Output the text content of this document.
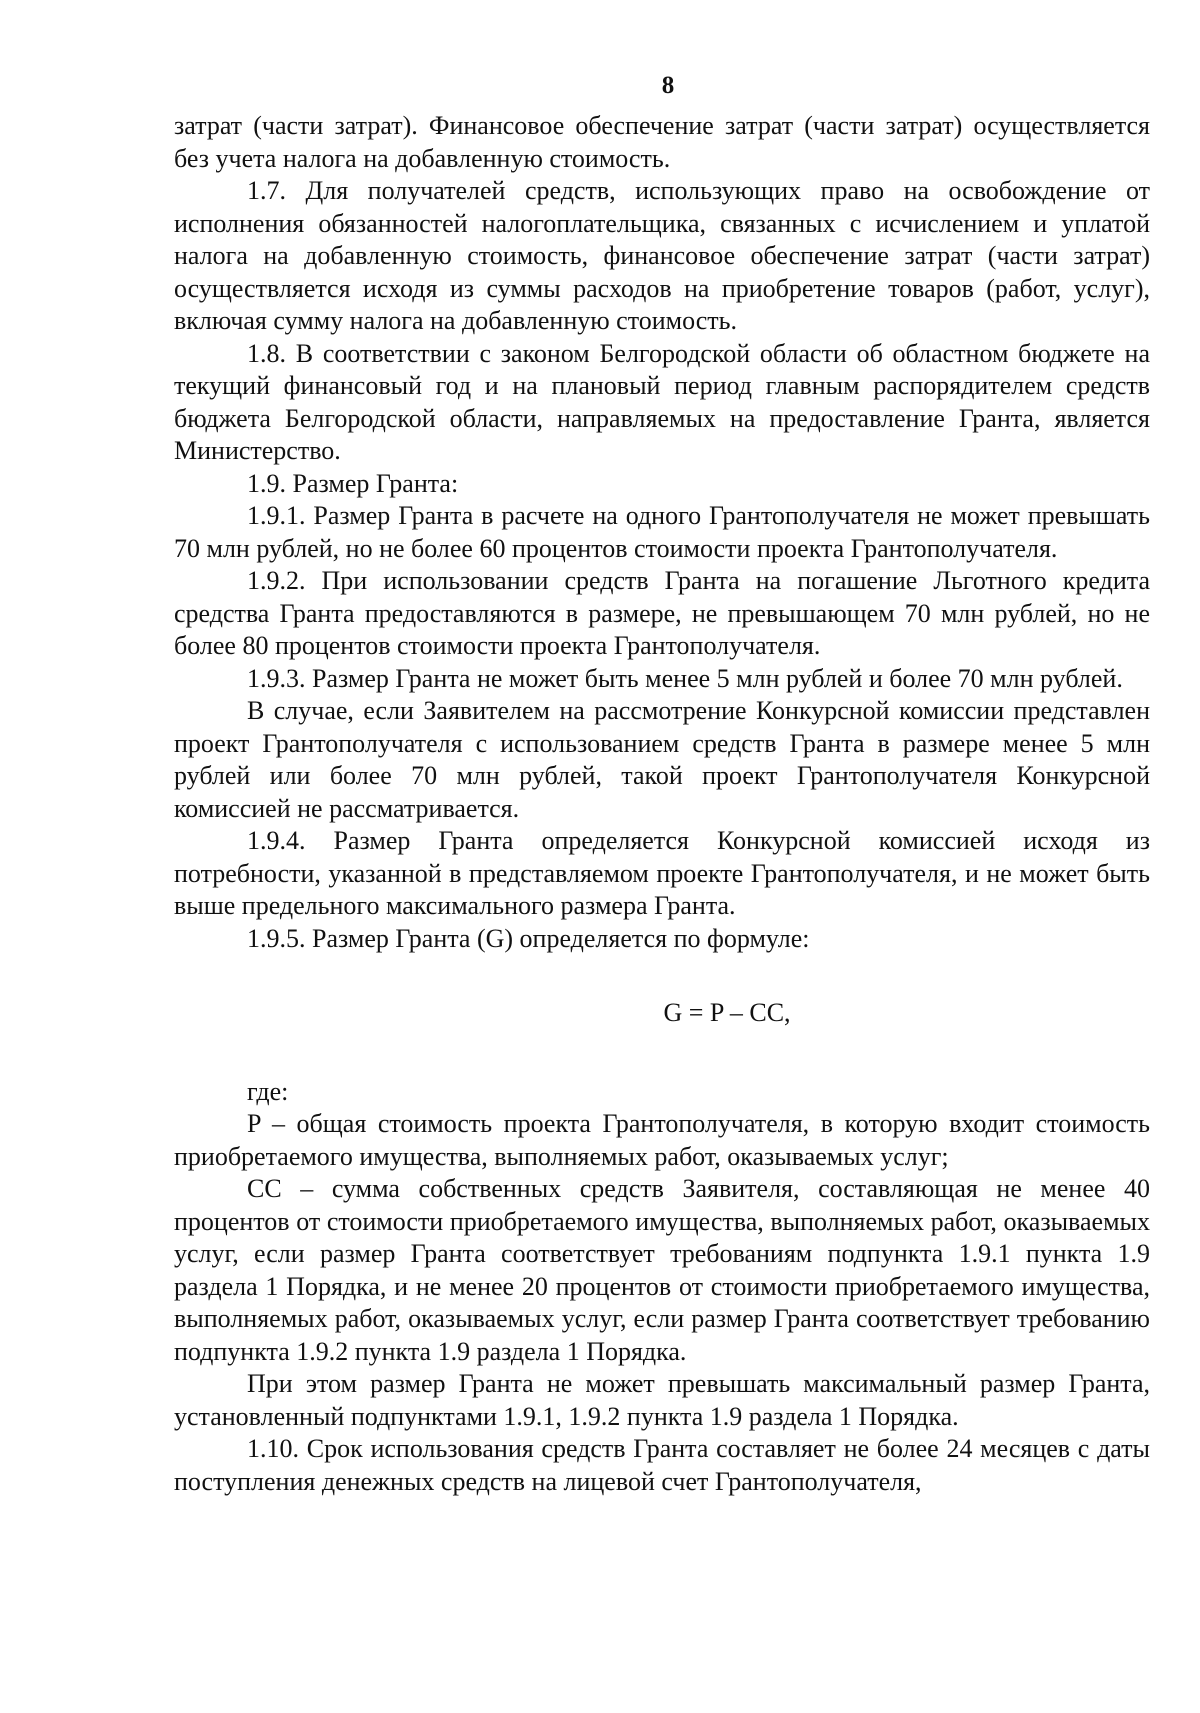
8

затрат (части затрат). Финансовое обеспечение затрат (части затрат) осуществляется без учета налога на добавленную стоимость.

1.7. Для получателей средств, использующих право на освобождение от исполнения обязанностей налогоплательщика, связанных с исчислением и уплатой налога на добавленную стоимость, финансовое обеспечение затрат (части затрат) осуществляется исходя из суммы расходов на приобретение товаров (работ, услуг), включая сумму налога на добавленную стоимость.

1.8. В соответствии с законом Белгородской области об областном бюджете на текущий финансовый год и на плановый период главным распорядителем средств бюджета Белгородской области, направляемых на предоставление Гранта, является Министерство.

1.9. Размер Гранта:

1.9.1. Размер Гранта в расчете на одного Грантополучателя не может превышать 70 млн рублей, но не более 60 процентов стоимости проекта Грантополучателя.

1.9.2. При использовании средств Гранта на погашение Льготного кредита средства Гранта предоставляются в размере, не превышающем 70 млн рублей, но не более 80 процентов стоимости проекта Грантополучателя.

1.9.3. Размер Гранта не может быть менее 5 млн рублей и более 70 млн рублей.

В случае, если Заявителем на рассмотрение Конкурсной комиссии представлен проект Грантополучателя с использованием средств Гранта в размере менее 5 млн рублей или более 70 млн рублей, такой проект Грантополучателя Конкурсной комиссией не рассматривается.

1.9.4. Размер Гранта определяется Конкурсной комиссией исходя из потребности, указанной в представляемом проекте Грантополучателя, и не может быть выше предельного максимального размера Гранта.

1.9.5. Размер Гранта (G) определяется по формуле:

G = P – CC,

где:

P – общая стоимость проекта Грантополучателя, в которую входит стоимость приобретаемого имущества, выполняемых работ, оказываемых услуг;

CC – сумма собственных средств Заявителя, составляющая не менее 40 процентов от стоимости приобретаемого имущества, выполняемых работ, оказываемых услуг, если размер Гранта соответствует требованиям подпункта 1.9.1 пункта 1.9 раздела 1 Порядка, и не менее 20 процентов от стоимости приобретаемого имущества, выполняемых работ, оказываемых услуг, если размер Гранта соответствует требованию подпункта 1.9.2 пункта 1.9 раздела 1 Порядка.

При этом размер Гранта не может превышать максимальный размер Гранта, установленный подпунктами 1.9.1, 1.9.2 пункта 1.9 раздела 1 Порядка.

1.10. Срок использования средств Гранта составляет не более 24 месяцев с даты поступления денежных средств на лицевой счет Грантополучателя,
